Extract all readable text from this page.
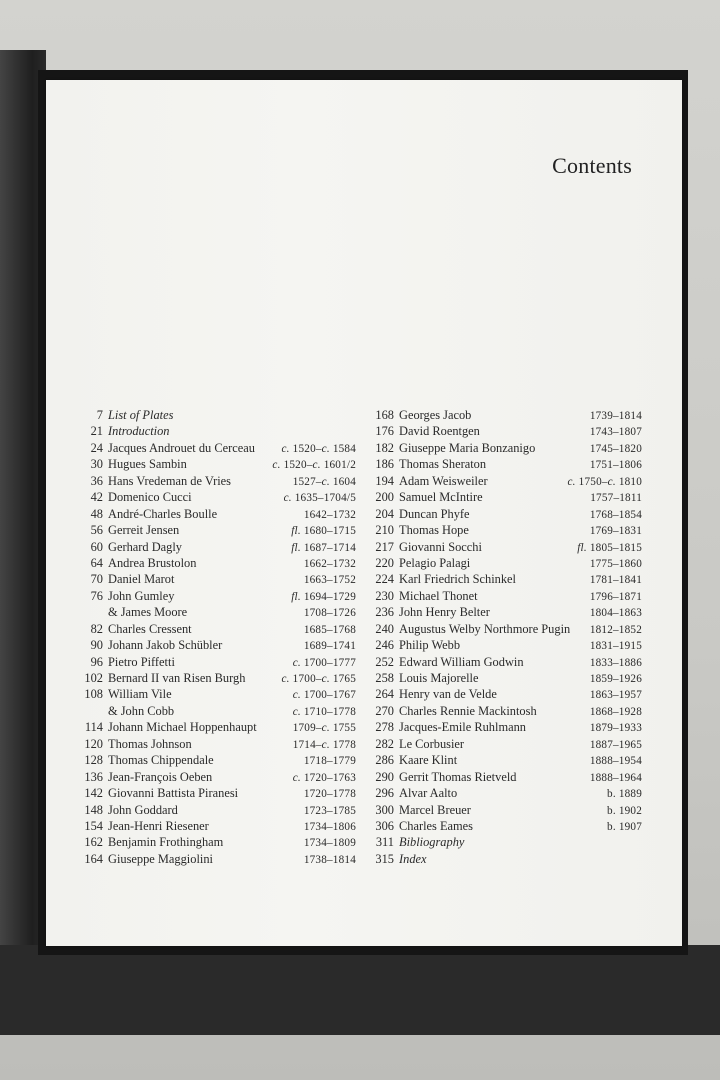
Contents
7 List of Plates
21 Introduction
24 Jacques Androuet du Cerceau	c. 1520–c. 1584
30 Hugues Sambin	c. 1520–c. 1601/2
36 Hans Vredeman de Vries	1527–c. 1604
42 Domenico Cucci	c. 1635–1704/5
48 André-Charles Boulle	1642–1732
56 Gerreit Jensen	fl. 1680–1715
60 Gerhard Dagly	fl. 1687–1714
64 Andrea Brustolon	1662–1732
70 Daniel Marot	1663–1752
76 John Gumley	fl. 1694–1729
& James Moore	1708–1726
82 Charles Cressent	1685–1768
90 Johann Jakob Schübler	1689–1741
96 Pietro Piffetti	c. 1700–1777
102 Bernard II van Risen Burgh	c. 1700–c. 1765
108 William Vile	c. 1700–1767
& John Cobb	c. 1710–1778
114 Johann Michael Hoppenhaupt	1709–c. 1755
120 Thomas Johnson	1714–c. 1778
128 Thomas Chippendale	1718–1779
136 Jean-François Oeben	c. 1720–1763
142 Giovanni Battista Piranesi	1720–1778
148 John Goddard	1723–1785
154 Jean-Henri Riesener	1734–1806
162 Benjamin Frothingham	1734–1809
164 Giuseppe Maggiolini	1738–1814
168 Georges Jacob	1739–1814
176 David Roentgen	1743–1807
182 Giuseppe Maria Bonzanigo	1745–1820
186 Thomas Sheraton	1751–1806
194 Adam Weisweiler	c. 1750–c. 1810
200 Samuel McIntire	1757–1811
204 Duncan Phyfe	1768–1854
210 Thomas Hope	1769–1831
217 Giovanni Socchi	fl. 1805–1815
220 Pelagio Palagi	1775–1860
224 Karl Friedrich Schinkel	1781–1841
230 Michael Thonet	1796–1871
236 John Henry Belter	1804–1863
240 Augustus Welby Northmore Pugin	1812–1852
246 Philip Webb	1831–1915
252 Edward William Godwin	1833–1886
258 Louis Majorelle	1859–1926
264 Henry van de Velde	1863–1957
270 Charles Rennie Mackintosh	1868–1928
278 Jacques-Emile Ruhlmann	1879–1933
282 Le Corbusier	1887–1965
286 Kaare Klint	1888–1954
290 Gerrit Thomas Rietveld	1888–1964
296 Alvar Aalto	b. 1889
300 Marcel Breuer	b. 1902
306 Charles Eames	b. 1907
311 Bibliography
315 Index
